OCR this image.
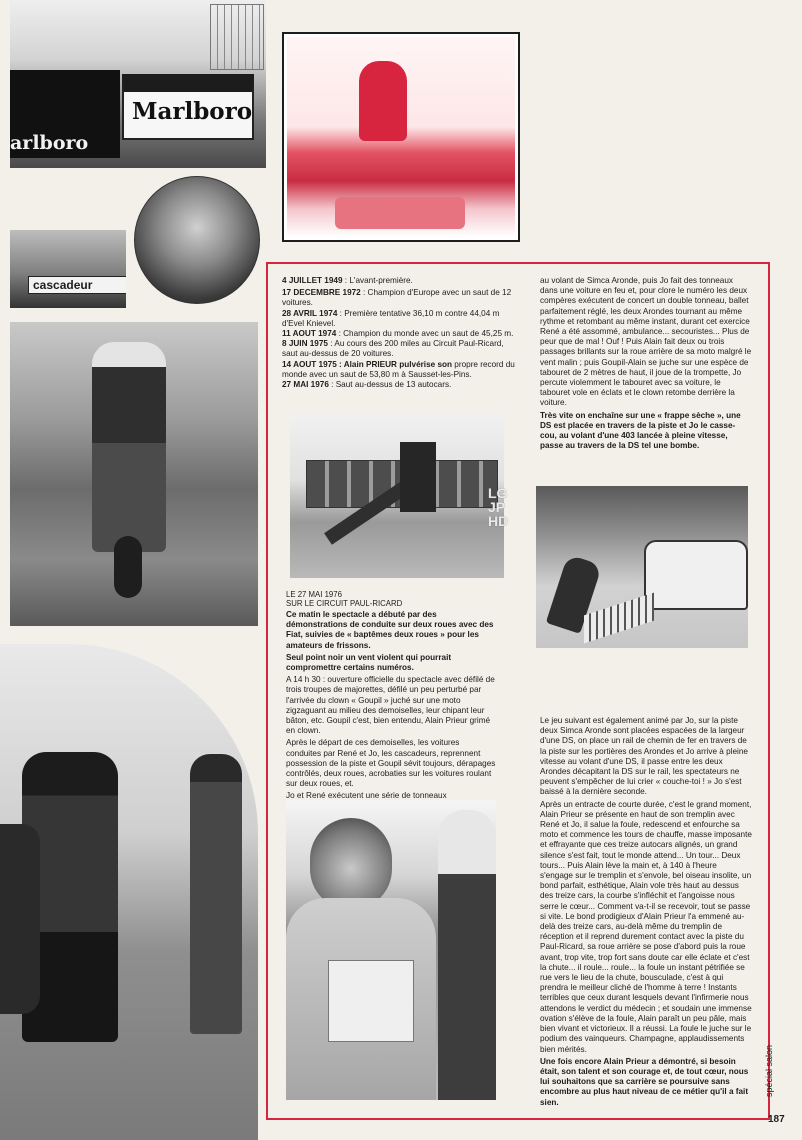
arlboro
Marlboro
cascadeur	4 JUILLET 1949 : L'avant-première.

17 DECEMBRE 1972 : Champion d'Europe avec un saut de 12 voitures.

28 AVRIL 1974 : Première tentative 36,10 m contre 44,04 m d'Evel Knievel.

11 AOUT 1974 : Champion du monde avec un saut de 45,25 m.

8 JUIN 1975 : Au cours des 200 miles au Circuit Paul-Ricard, saut au-dessus de 20 voitures.

14 AOUT 1975 : Alain PRIEUR pulvérise son propre record du monde avec un saut de 53,80 m à Sausset-les-Pins.

27 MAI 1976 : Saut au-dessus de 13 autocars.

LG
JP
HD
LE 27 MAI 1976
SUR LE CIRCUIT PAUL-RICARD

Ce matin le spectacle a débuté par des démonstrations de conduite sur deux roues avec des Fiat, suivies de « baptêmes deux roues » pour les amateurs de frissons.

Seul point noir un vent violent qui pourrait compromettre certains numéros.

A 14 h 30 : ouverture officielle du spectacle avec défilé de trois troupes de majorettes, défilé un peu perturbé par l'arrivée du clown « Goupil » juché sur une moto zigzaguant au milieu des demoiselles, leur chipant leur bâton, etc. Goupil c'est, bien entendu, Alain Prieur grimé en clown.

Après le départ de ces demoiselles, les voitures conduites par René et Jo, les cascadeurs, reprennent possession de la piste et Goupil sévit toujours, dérapages contrôlés, deux roues, acrobaties sur les voitures roulant sur deux roues, et.

Jo et René exécutent une série de tonneaux

au volant de Simca Aronde, puis Jo fait des tonneaux dans une voiture en feu et, pour clore le numéro les deux compères exécutent de concert un double tonneau, ballet parfaitement réglé, les deux Arondes tournant au même rythme et retombant au même instant, durant cet exercice René a été assommé, ambulance... secouristes... Plus de peur que de mal ! Ouf ! Puis Alain fait deux ou trois passages brillants sur la roue arrière de sa moto malgré le vent malin ; puis Goupil-Alain se juche sur une espèce de tabouret de 2 mètres de haut, il joue de la trompette, Jo percute violemment le tabouret avec sa voiture, le tabouret vole en éclats et le clown retombe derrière la voiture.

Très vite on enchaîne sur une « frappe sèche », une DS est placée en travers de la piste et Jo le casse-cou, au volant d'une 403 lancée à pleine vitesse, passe au travers de la DS tel une bombe.

Le jeu suivant est également animé par Jo, sur la piste deux Simca Aronde sont placées espacées de la largeur d'une DS, on place un rail de chemin de fer en travers de la piste sur les portières des Arondes et Jo arrive à pleine vitesse au volant d'une DS, il passe entre les deux Arondes décapitant la DS sur le rail, les spectateurs ne peuvent s'empêcher de lui crier « couche-toi ! » Jo s'est baissé à la dernière seconde.

Après un entracte de courte durée, c'est le grand moment, Alain Prieur se présente en haut de son tremplin avec René et Jo, il salue la foule, redescend et enfourche sa moto et commence les tours de chauffe, masse imposante et effrayante que ces treize autocars alignés, un grand silence s'est fait, tout le monde attend... Un tour... Deux tours... Puis Alain lève la main et, à 140 à l'heure s'engage sur le tremplin et s'envole, bel oiseau insolite, un bond parfait, esthétique, Alain vole très haut au dessus des treize cars, la courbe s'infléchit et l'angoisse nous serre le cœur... Comment va-t-il se recevoir, tout se passe si vite. Le bond prodigieux d'Alain Prieur l'a emmené au-delà des treize cars, au-delà même du tremplin de réception et il reprend durement contact avec la piste du Paul-Ricard, sa roue arrière se pose d'abord puis la roue avant, trop vite, trop fort sans doute car elle éclate et c'est la chute... il roule... roule... la foule un instant pétrifiée se rue vers le lieu de la chute, bousculade, c'est à qui prendra le meilleur cliché de l'homme à terre ! Instants terribles que ceux durant lesquels devant l'infirmerie nous attendons le verdict du médecin ; et soudain une immense ovation s'élève de la foule, Alain paraît un peu pâle, mais bien vivant et victorieux. Il a réussi. La foule le juche sur le podium des vainqueurs. Champagne, applaudissements bien mérités.

Une fois encore Alain Prieur a démontré, si besoin était, son talent et son courage et, de tout cœur, nous lui souhaitons que sa carrière se poursuive sans encombre au plus haut niveau de ce métier qu'il a fait sien.

spécial salon
187
